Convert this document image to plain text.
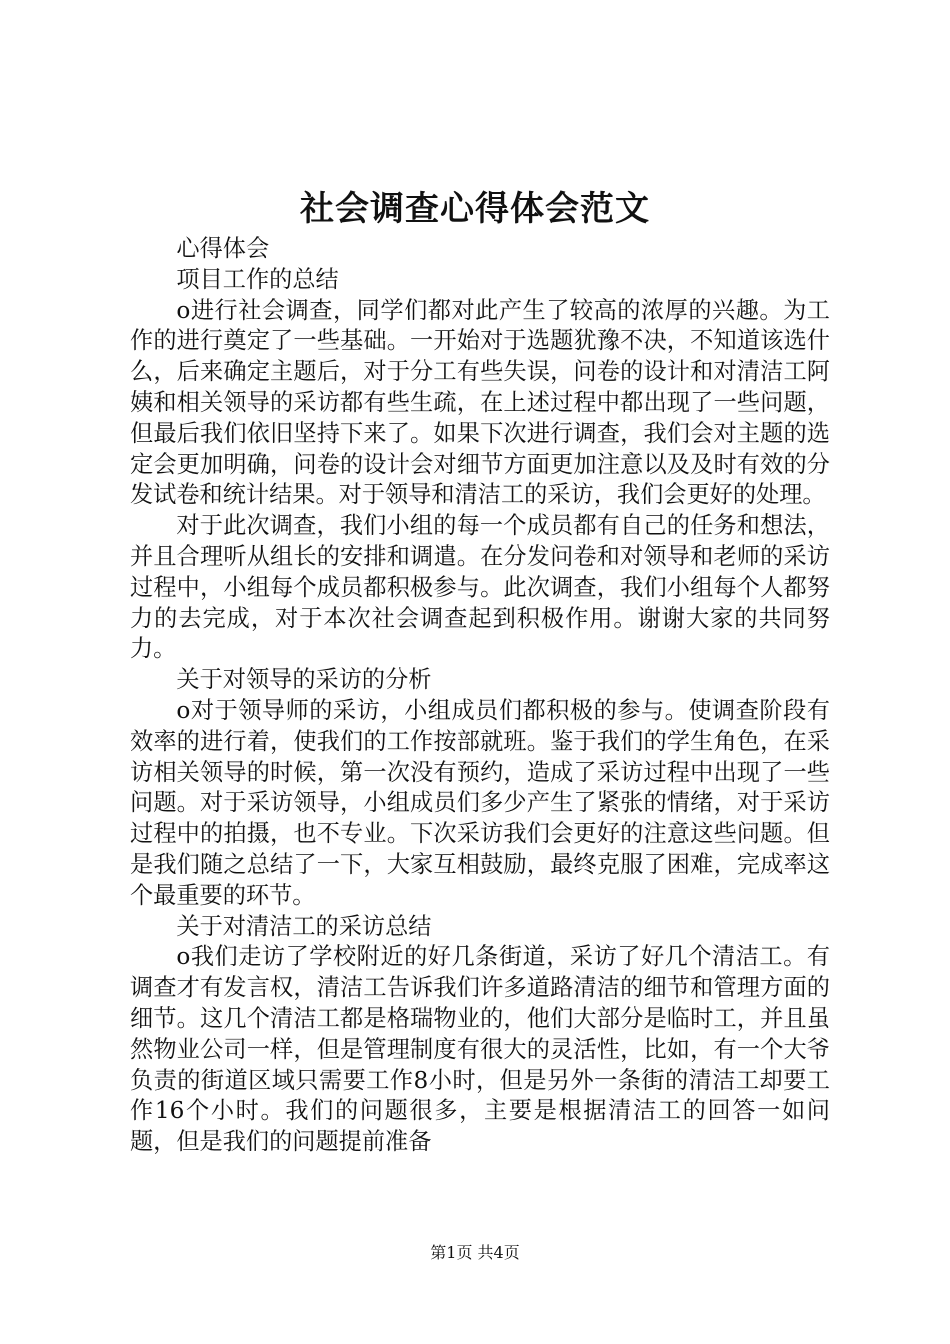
社会调查心得体会范文

心得体会

项目工作的总结

o进行社会调查，同学们都对此产生了较高的浓厚的兴趣。为工作的进行奠定了一些基础。一开始对于选题犹豫不决，不知道该选什么，后来确定主题后，对于分工有些失误，问卷的设计和对清洁工阿姨和相关领导的采访都有些生疏，在上述过程中都出现了一些问题，但最后我们依旧坚持下来了。如果下次进行调查，我们会对主题的选定会更加明确，问卷的设计会对细节方面更加注意以及及时有效的分发试卷和统计结果。对于领导和清洁工的采访，我们会更好的处理。

对于此次调查，我们小组的每一个成员都有自己的任务和想法，并且合理听从组长的安排和调遣。在分发问卷和对领导和老师的采访过程中，小组每个成员都积极参与。此次调查，我们小组每个人都努力的去完成，对于本次社会调查起到积极作用。谢谢大家的共同努力。

关于对领导的采访的分析

o对于领导师的采访，小组成员们都积极的参与。使调查阶段有效率的进行着，使我们的工作按部就班。鉴于我们的学生角色，在采访相关领导的时候，第一次没有预约，造成了采访过程中出现了一些问题。对于采访领导，小组成员们多少产生了紧张的情绪，对于采访过程中的拍摄，也不专业。下次采访我们会更好的注意这些问题。但是我们随之总结了一下，大家互相鼓励，最终克服了困难，完成率这个最重要的环节。

关于对清洁工的采访总结

o我们走访了学校附近的好几条街道，采访了好几个清洁工。有调查才有发言权，清洁工告诉我们许多道路清洁的细节和管理方面的细节。这几个清洁工都是格瑞物业的，他们大部分是临时工，并且虽然物业公司一样，但是管理制度有很大的灵活性，比如，有一个大爷负责的街道区域只需要工作8小时，但是另外一条街的清洁工却要工作16个小时。我们的问题很多，主要是根据清洁工的回答一如问题，但是我们的问题提前准备

第1页 共4页
